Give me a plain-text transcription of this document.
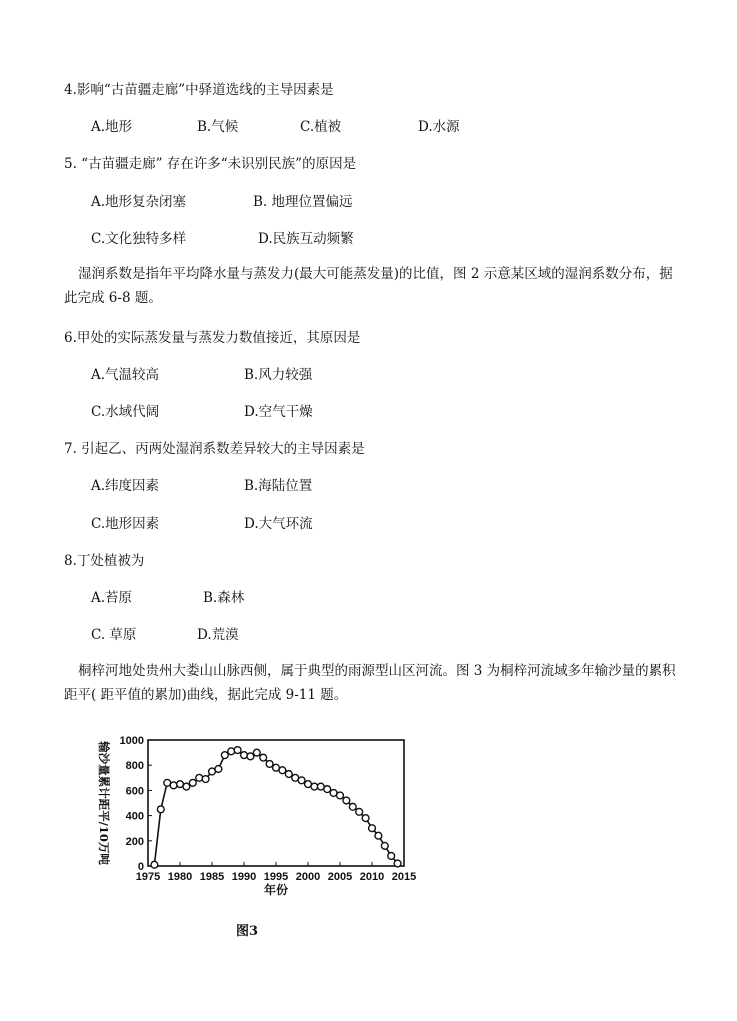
4.影响“古苗疆走廊”中驿道选线的主导因素是
A.地形	B.气候	C.植被	D.水源
5. “古苗疆走廊” 存在许多“未识别民族”的原因是
A.地形复杂闭塞	B. 地理位置偏远
C.文化独特多样	D.民族互动频繁
湿润系数是指年平均降水量与蒸发力(最大可能蒸发量)的比值，图 2 示意某区域的湿润系数分布，据此完成 6-8 题。
6.甲处的实际蒸发量与蒸发力数值接近，其原因是
A.气温较高	B.风力较强
C.水域代阔	D.空气干燥
7. 引起乙、丙两处湿润系数差异较大的主导因素是
A.纬度因素	B.海陆位置
C.地形因素	D.大气环流
8.丁处植被为
A.苔原	B.森林
C. 草原	D.荒漠
桐梓河地处贵州大娄山山脉西侧，属于典型的雨源型山区河流。图 3 为桐梓河流域多年输沙量的累积距平( 距平值的累加)曲线，据此完成 9-11 题。
0
200
400
600
800
1000
1975 1980 1985 1990 1995 2000 2005 2010 2015
年份
输沙量累计距平/10万吨
图3
